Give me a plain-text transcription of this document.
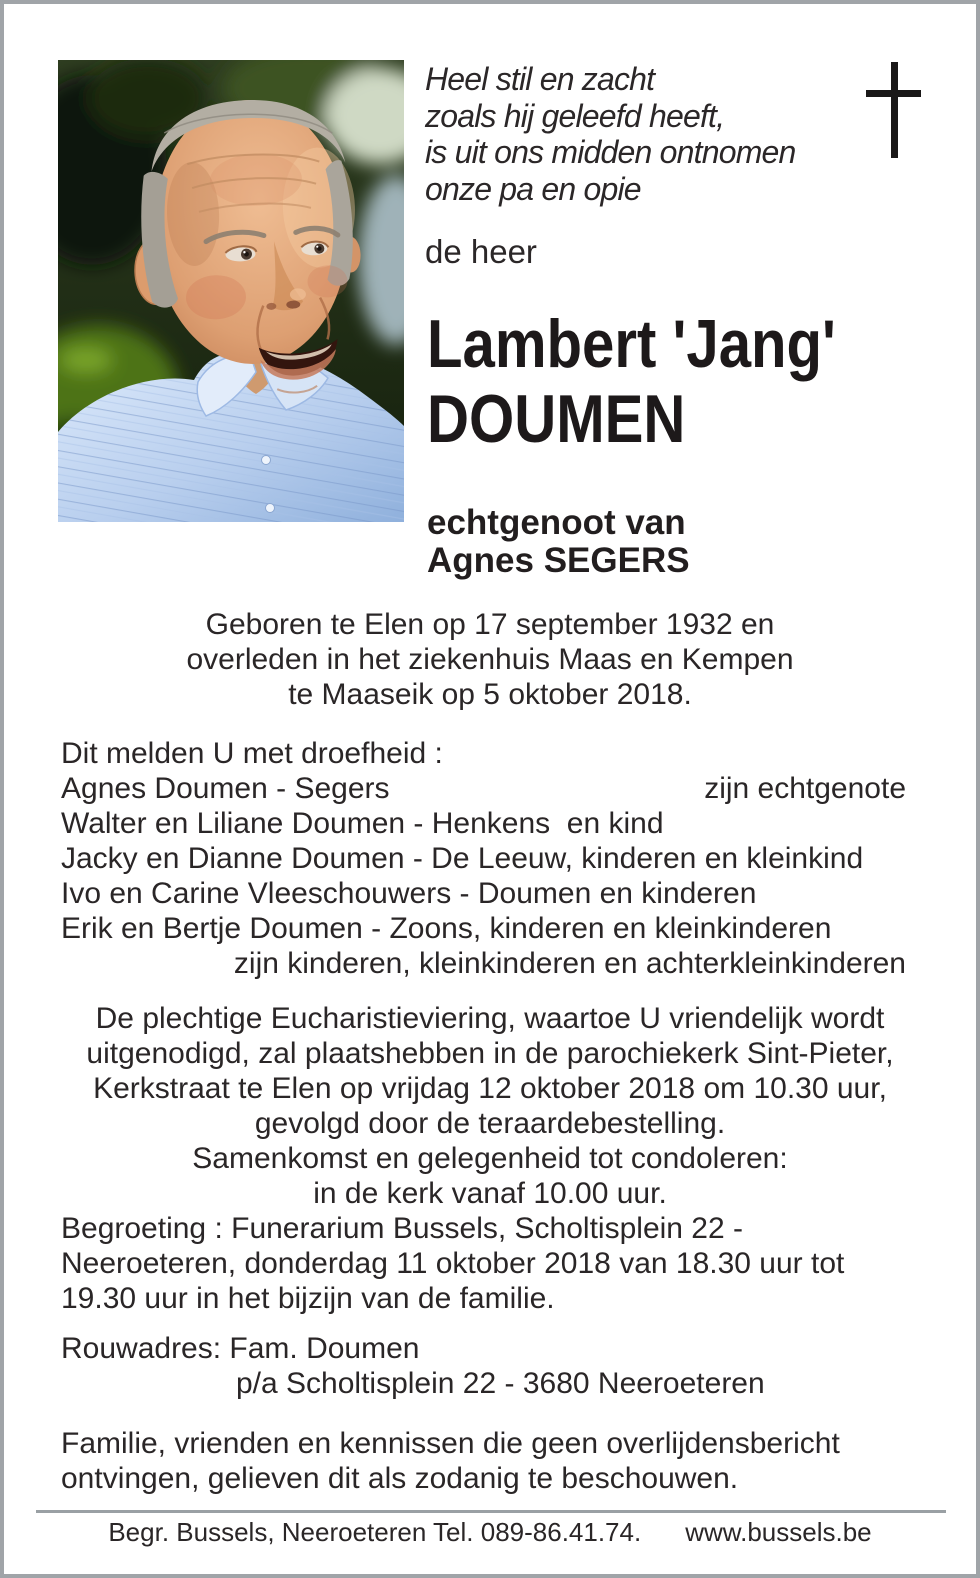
Heel stil en zacht
zoals hij geleefd heeft,
is uit ons midden ontnomen
onze pa en opie
de heer
Lambert 'Jang'
DOUMEN
echtgenoot van
Agnes SEGERS
Geboren te Elen op 17 september 1932 en
overleden in het ziekenhuis Maas en Kempen
te Maaseik op 5 oktober 2018.
Dit melden U met droefheid :
Agnes Doumen - Segers	zijn echtgenote
Walter en Liliane Doumen - Henkens  en kind
Jacky en Dianne Doumen - De Leeuw, kinderen en kleinkind
Ivo en Carine Vleeschouwers - Doumen en kinderen
Erik en Bertje Doumen - Zoons, kinderen en kleinkinderen
zijn kinderen, kleinkinderen en achterkleinkinderen
De plechtige Eucharistieviering, waartoe U vriendelijk wordt
uitgenodigd, zal plaatshebben in de parochiekerk Sint-Pieter,
Kerkstraat te Elen op vrijdag 12 oktober 2018 om 10.30 uur,
gevolgd door de teraardebestelling.
Samenkomst en gelegenheid tot condoleren:
in de kerk vanaf 10.00 uur.
Begroeting : Funerarium Bussels, Scholtisplein 22 -
Neeroeteren, donderdag 11 oktober 2018 van 18.30 uur tot
19.30 uur in het bijzijn van de familie.
Rouwadres: Fam. Doumen
p/a Scholtisplein 22 - 3680 Neeroeteren
Familie, vrienden en kennissen die geen overlijdensbericht
ontvingen, gelieven dit als zodanig te beschouwen.
Begr. Bussels, Neeroeteren Tel. 089-86.41.74. www.bussels.be
